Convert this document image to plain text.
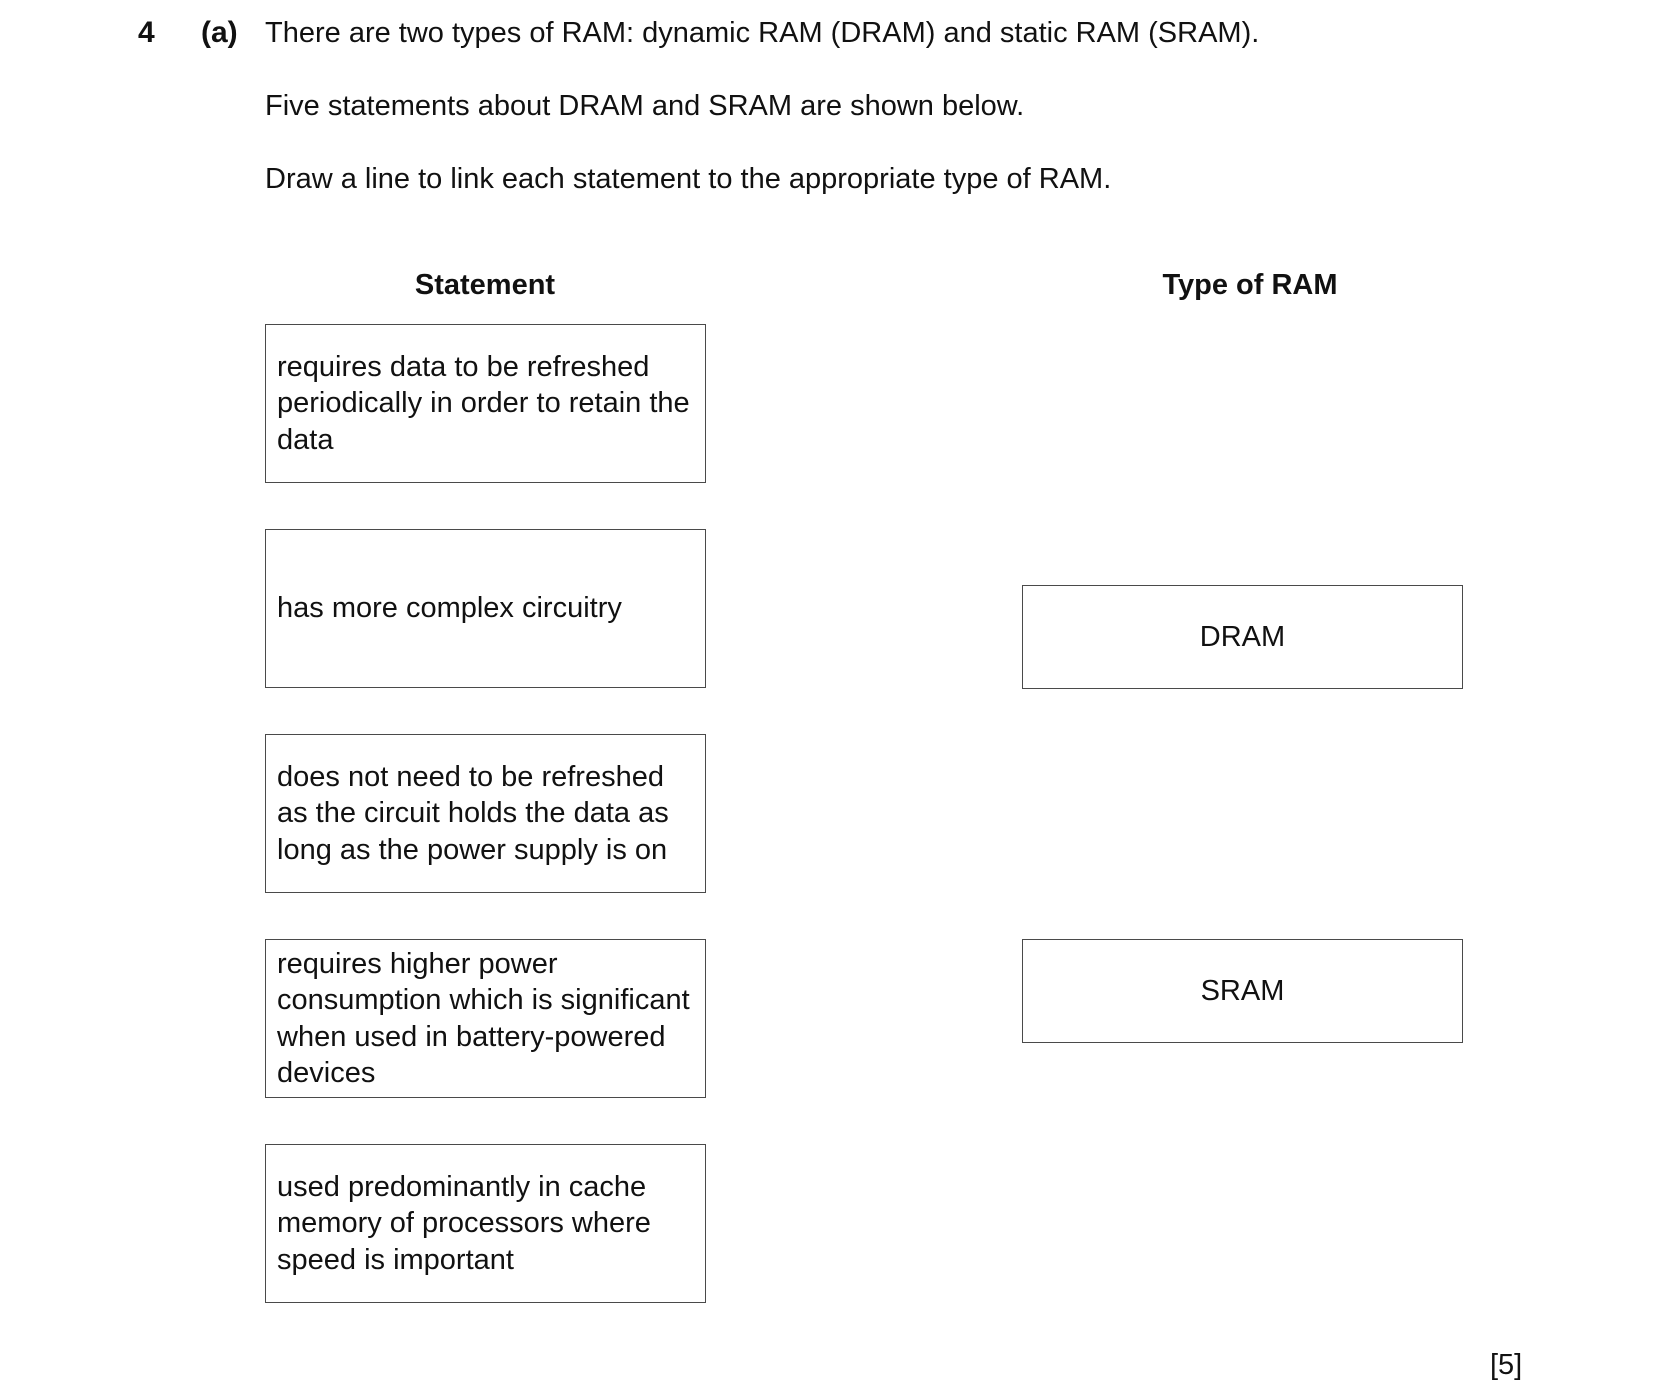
4 (a) There are two types of RAM: dynamic RAM (DRAM) and static RAM (SRAM).
Five statements about DRAM and SRAM are shown below.
Draw a line to link each statement to the appropriate type of RAM.
Statement	Type of RAM
requires data to be refreshed periodically in order to retain the data
has more complex circuitry
does not need to be refreshed as the circuit holds the data as long as the power supply is on
requires higher power consumption which is significant when used in battery-powered devices
used predominantly in cache memory of processors where speed is important
DRAM
SRAM
[5]
